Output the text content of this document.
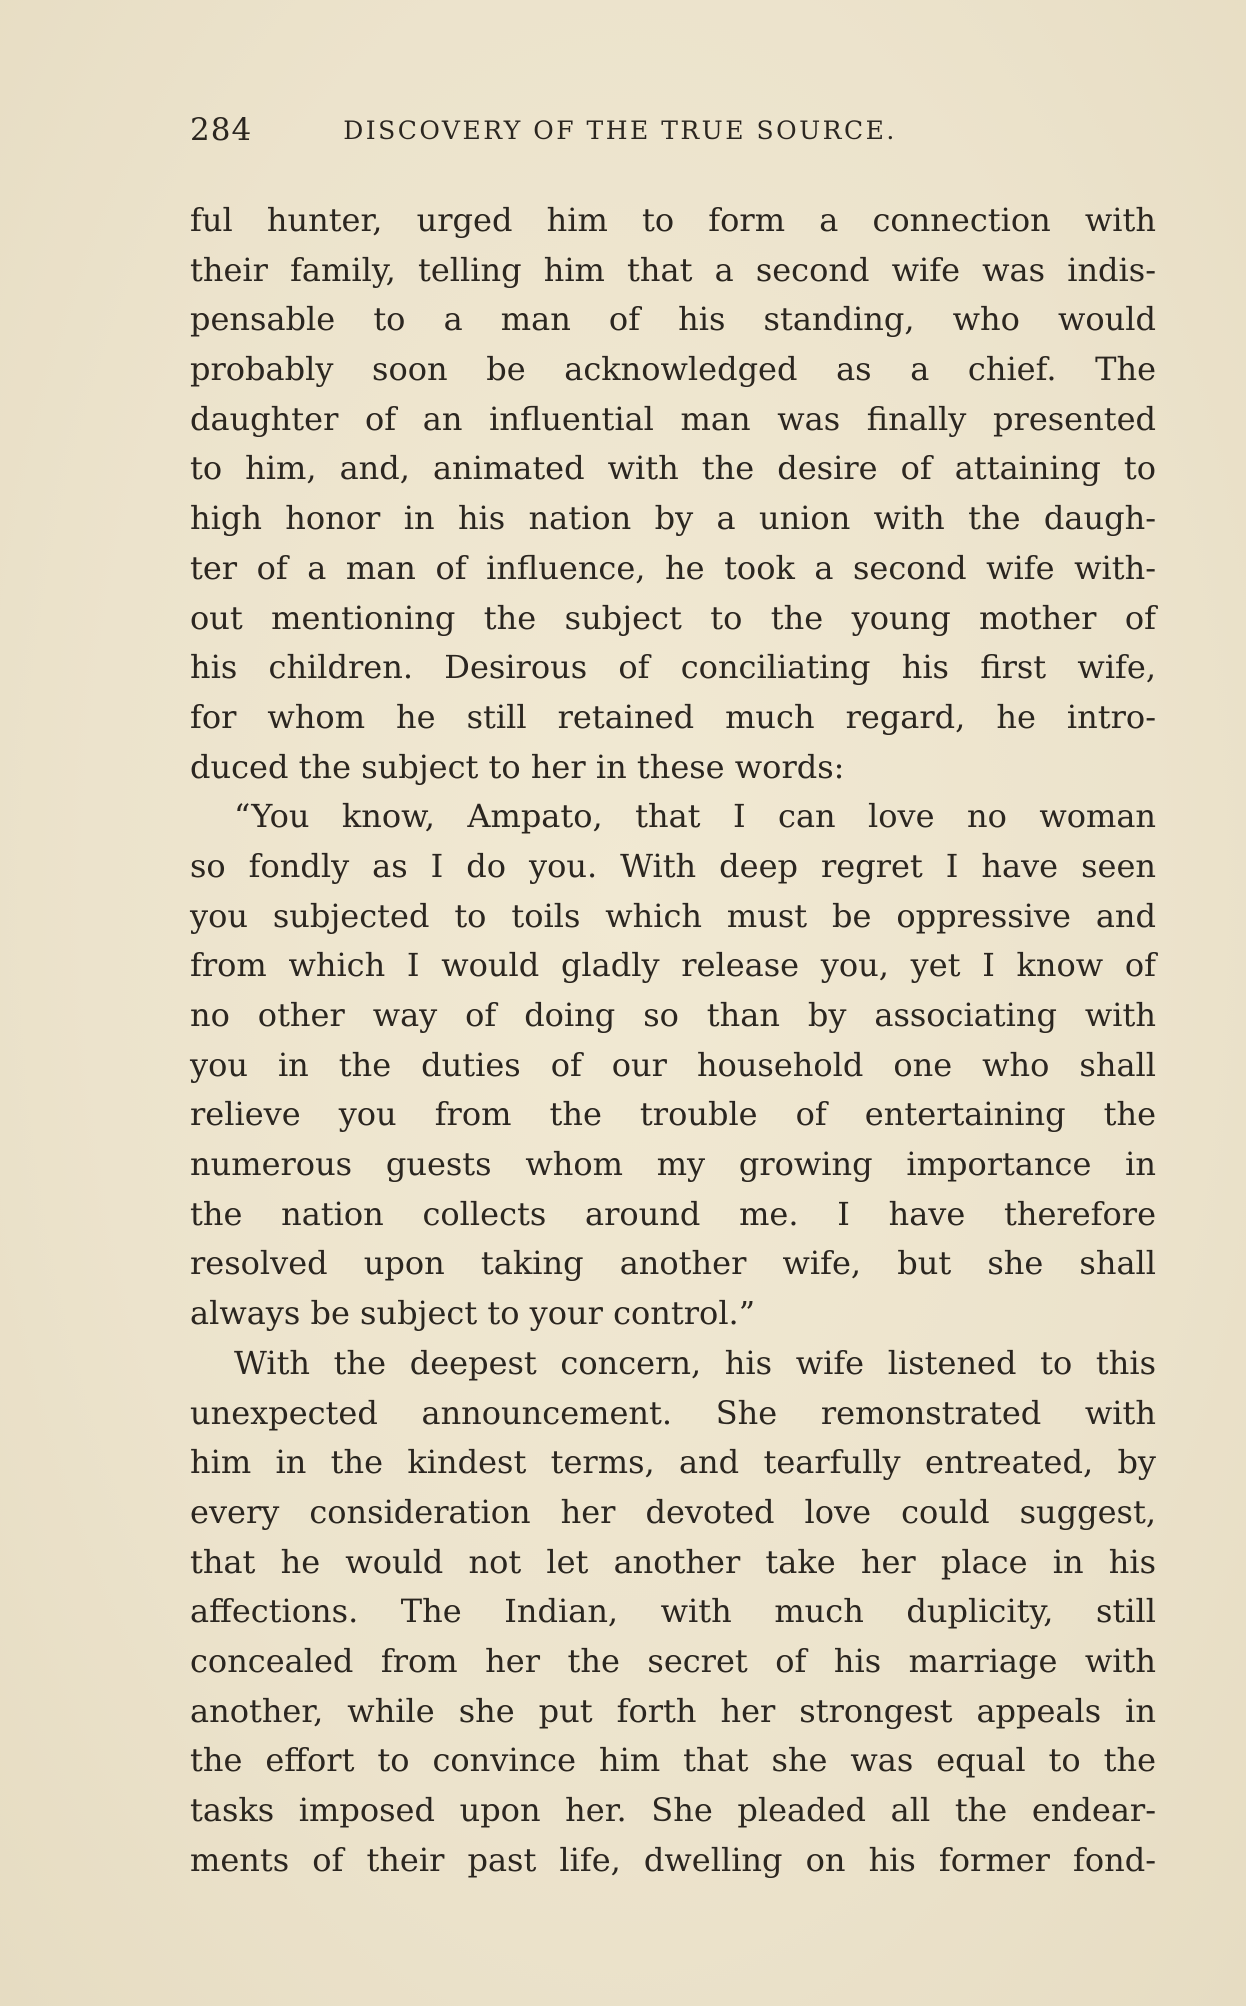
284	DISCOVERY OF THE TRUE SOURCE.
ful hunter, urged him to form a connection with
their family, telling him that a second wife was indis-
pensable to a man of his standing, who would
probably soon be acknowledged as a chief. The
daughter of an influential man was finally presented
to him, and, animated with the desire of attaining to
high honor in his nation by a union with the daugh-
ter of a man of influence, he took a second wife with-
out mentioning the subject to the young mother of
his children. Desirous of conciliating his first wife,
for whom he still retained much regard, he intro-
duced the subject to her in these words:
“You know, Ampato, that I can love no woman
so fondly as I do you. With deep regret I have seen
you subjected to toils which must be oppressive and
from which I would gladly release you, yet I know of
no other way of doing so than by associating with
you in the duties of our household one who shall
relieve you from the trouble of entertaining the
numerous guests whom my growing importance in
the nation collects around me. I have therefore
resolved upon taking another wife, but she shall
always be subject to your control.”
With the deepest concern, his wife listened to this
unexpected announcement. She remonstrated with
him in the kindest terms, and tearfully entreated, by
every consideration her devoted love could suggest,
that he would not let another take her place in his
affections. The Indian, with much duplicity, still
concealed from her the secret of his marriage with
another, while she put forth her strongest appeals in
the effort to convince him that she was equal to the
tasks imposed upon her. She pleaded all the endear-
ments of their past life, dwelling on his former fond-
